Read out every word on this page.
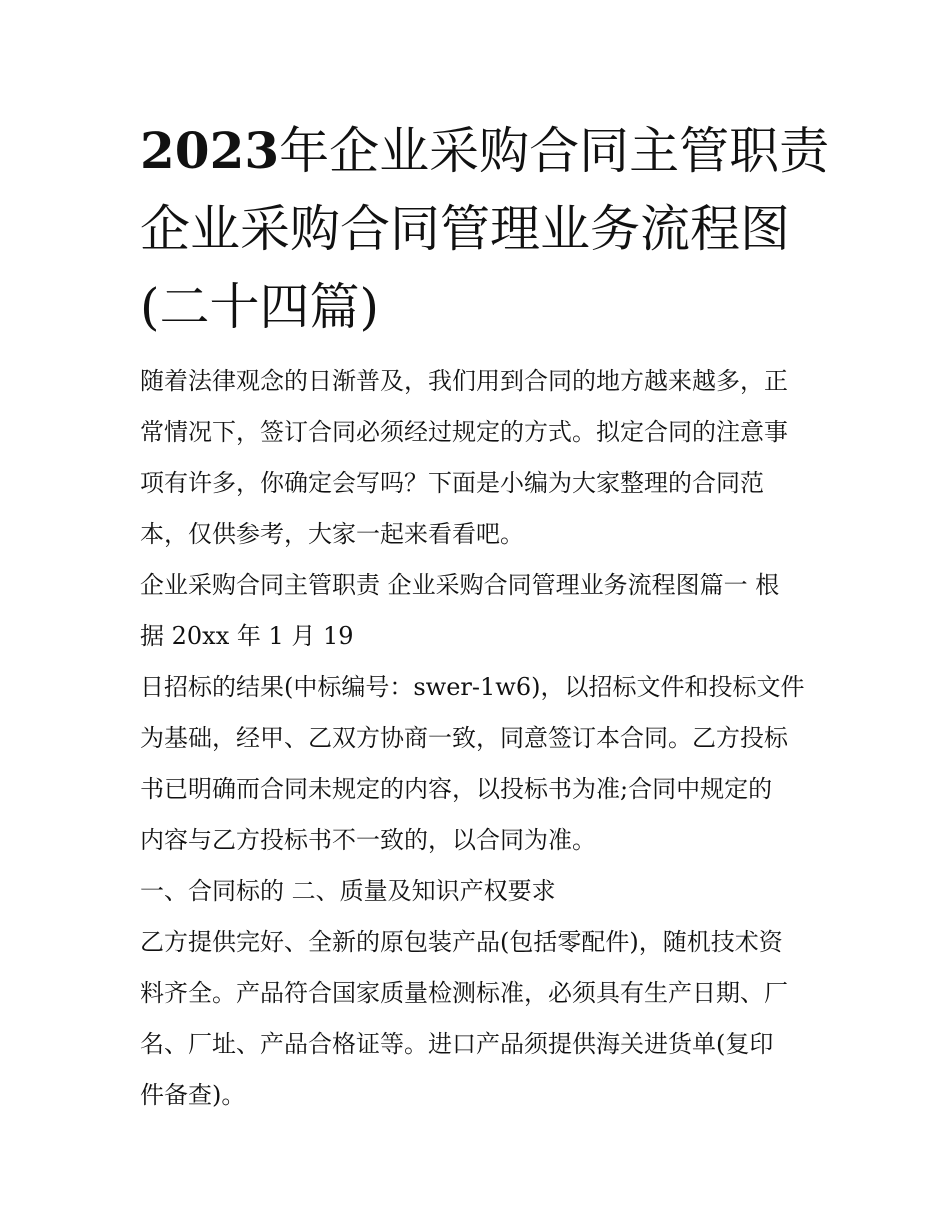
2023年企业采购合同主管职责
企业采购合同管理业务流程图
(二十四篇)

随着法律观念的日渐普及，我们用到合同的地方越来越多，正
常情况下，签订合同必须经过规定的方式。拟定合同的注意事
项有许多，你确定会写吗？下面是小编为大家整理的合同范
本，仅供参考，大家一起来看看吧。

企业采购合同主管职责 企业采购合同管理业务流程图篇一 根
据 20xx 年 1 月 19

日招标的结果(中标编号：swer-1w6)，以招标文件和投标文件
为基础，经甲、乙双方协商一致，同意签订本合同。乙方投标
书已明确而合同未规定的内容，以投标书为准;合同中规定的
内容与乙方投标书不一致的，以合同为准。

一、合同标的 二、质量及知识产权要求

乙方提供完好、全新的原包装产品(包括零配件)，随机技术资
料齐全。产品符合国家质量检测标准，必须具有生产日期、厂
名、厂址、产品合格证等。进口产品须提供海关进货单(复印
件备查)。
